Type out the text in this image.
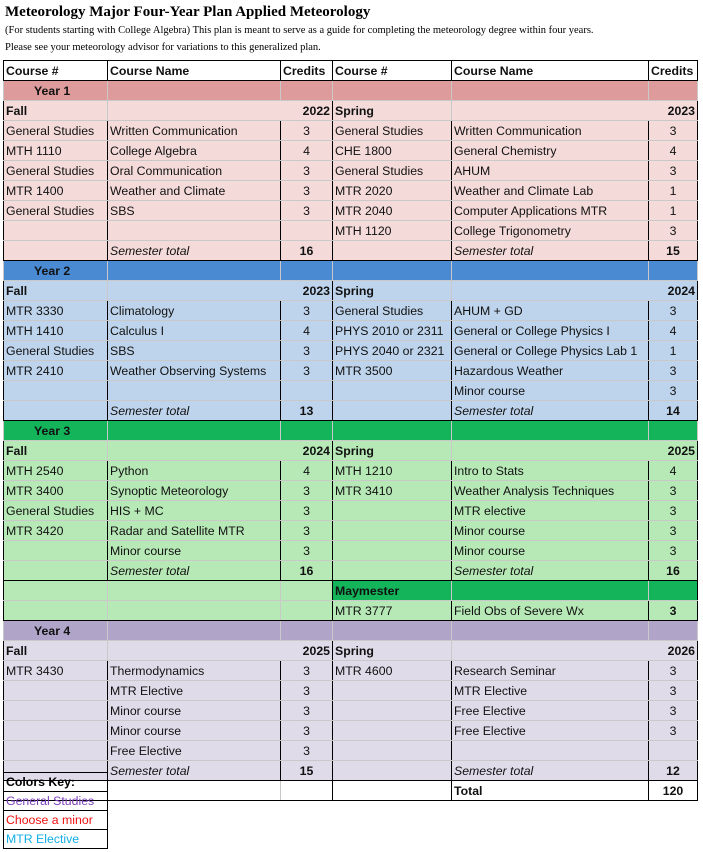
Meteorology Major Four-Year Plan Applied Meteorology
(For students starting with College Algebra) This plan is meant to serve as a guide for completing the meteorology degree within four years.
Please see your meteorology advisor for variations to this generalized plan.
Course #	Course Name	Credits	Course #	Course Name	Credits
Year 1					
Fall	2022		Spring	2023	
General Studies	Written Communication	3	General Studies	Written Communication	3
MTH 1110	College Algebra	4	CHE 1800	General Chemistry	4
General Studies	Oral Communication	3	General Studies	AHUM	3
MTR 1400	Weather and Climate	3	MTR 2020	Weather and Climate Lab	1
General Studies	SBS	3	MTR 2040	Computer Applications MTR	1
			MTH 1120	College Trigonometry	3
	Semester total	16		Semester total	15
Year 2					
Fall	2023		Spring	2024	
MTR 3330	Climatology	3	General Studies	AHUM + GD	3
MTH 1410	Calculus I	4	PHYS 2010 or 2311	General or College Physics I	4
General Studies	SBS	3	PHYS 2040 or 2321	General or College Physics Lab 1	1
MTR 2410	Weather Observing Systems	3	MTR 3500	Hazardous Weather	3
				Minor course	3
	Semester total	13		Semester total	14
Year 3					
Fall	2024		Spring	2025	
MTH 2540	Python	4	MTH 1210	Intro to Stats	4
MTR 3400	Synoptic Meteorology	3	MTR 3410	Weather Analysis Techniques	3
General Studies	HIS + MC	3		MTR elective	3
MTR 3420	Radar and Satellite MTR	3		Minor course	3
	Minor course	3		Minor course	3
	Semester total	16		Semester total	16
			Maymester		
			MTR 3777	Field Obs of Severe Wx	3
Year 4					
Fall	2025		Spring	2026	
MTR 3430	Thermodynamics	3	MTR 4600	Research Seminar	3
	MTR Elective	3		MTR Elective	3
	Minor course	3		Free Elective	3
	Minor course	3		Free Elective	3
	Free Elective	3			
	Semester total	15		Semester total	12
				Total	120
Colors Key:
General Studies
Choose a minor
MTR Elective
